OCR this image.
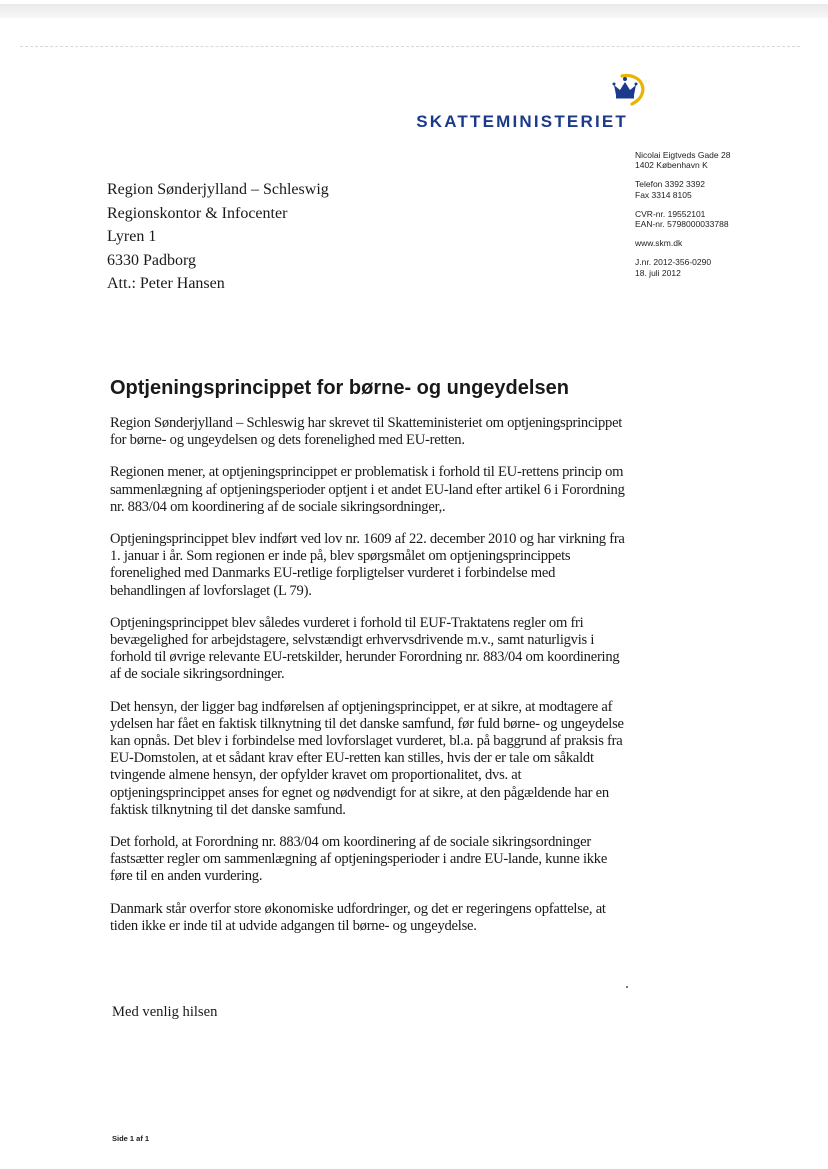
SKATTEMINISTERIET
Region Sønderjylland – Schleswig
Regionskontor & Infocenter
Lyren 1
6330 Padborg
Att.: Peter Hansen
Nicolai Eigtveds Gade 28
1402 København K
Telefon 3392 3392
Fax 3314 8105
CVR-nr. 19552101
EAN-nr. 5798000033788
www.skm.dk
J.nr. 2012-356-0290
18. juli 2012
Optjeningsprincippet for børne- og ungeydelsen

Region Sønderjylland – Schleswig har skrevet til Skatteministeriet om optjeningsprincippet for børne- og ungeydelsen og dets forenelighed med EU-retten.

Regionen mener, at optjeningsprincippet er problematisk i forhold til EU-rettens princip om sammenlægning af optjeningsperioder optjent i et andet EU-land efter artikel 6 i Forordning nr. 883/04 om koordinering af de sociale sikringsordninger,.

Optjeningsprincippet blev indført ved lov nr. 1609 af 22. december 2010 og har virkning fra 1. januar i år. Som regionen er inde på, blev spørgsmålet om optjeningsprincippets forenelighed med Danmarks EU-retlige forpligtelser vurderet i forbindelse med behandlingen af lovforslaget (L 79).

Optjeningsprincippet blev således vurderet i forhold til EUF-Traktatens regler om fri bevægelighed for arbejdstagere, selvstændigt erhvervsdrivende m.v., samt naturligvis i forhold til øvrige relevante EU-retskilder, herunder Forordning nr. 883/04 om koordinering af de sociale sikringsordninger.

Det hensyn, der ligger bag indførelsen af optjeningsprincippet, er at sikre, at modtagere af ydelsen har fået en faktisk tilknytning til det danske samfund, før fuld børne- og ungeydelse kan opnås. Det blev i forbindelse med lovforslaget vurderet, bl.a. på baggrund af praksis fra EU-Domstolen, at et sådant krav efter EU-retten kan stilles, hvis der er tale om såkaldt tvingende almene hensyn, der opfylder kravet om proportionalitet, dvs. at optjeningsprincippet anses for egnet og nødvendigt for at sikre, at den pågældende har en faktisk tilknytning til det danske samfund.

Det forhold, at Forordning nr. 883/04 om koordinering af de sociale sikringsordninger fastsætter regler om sammenlægning af optjeningsperioder i andre EU-lande, kunne ikke føre til en anden vurdering.

Danmark står overfor store økonomiske udfordringer, og det er regeringens opfattelse, at tiden ikke er inde til at udvide adgangen til børne- og ungeydelse.

Med venlig hilsen
Side 1 af 1
